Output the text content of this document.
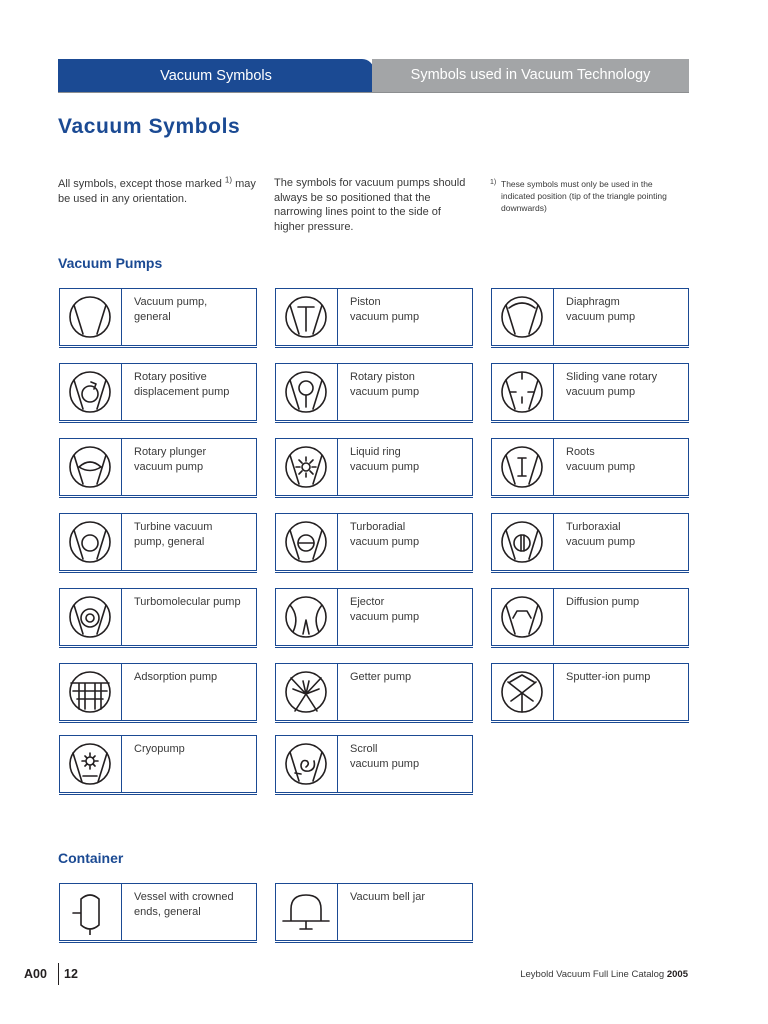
Vacuum Symbols	Symbols used in Vacuum Technology
Vacuum Symbols
All symbols, except those marked $^{1)}$ may be used in any orientation.
The symbols for vacuum pumps should always be so positioned that the narrowing lines point to the side of higher pressure.
1) These symbols must only be used in the indicated position (tip of the triangle pointing downwards)
Vacuum Pumps
Container
A00 12	Leybold Vacuum Full Line Catalog 2005
Vacuum pump,
general
Piston
vacuum pump
Diaphragm
vacuum pump
Rotary positive
displacement pump
Rotary piston
vacuum pump
Sliding vane rotary
vacuum pump
Rotary plunger
vacuum pump
Liquid ring
vacuum pump
Roots
vacuum pump
Turbine vacuum
pump, general
Turboradial
vacuum pump
Turboraxial
vacuum pump
Turbomolecular pump	Ejector
vacuum pump
Diffusion pump
Adsorption pump	Getter pump	Sputter-ion pump
Cryopump	Scroll
vacuum pump
Vessel with crowned
ends, general
Vacuum bell jar
